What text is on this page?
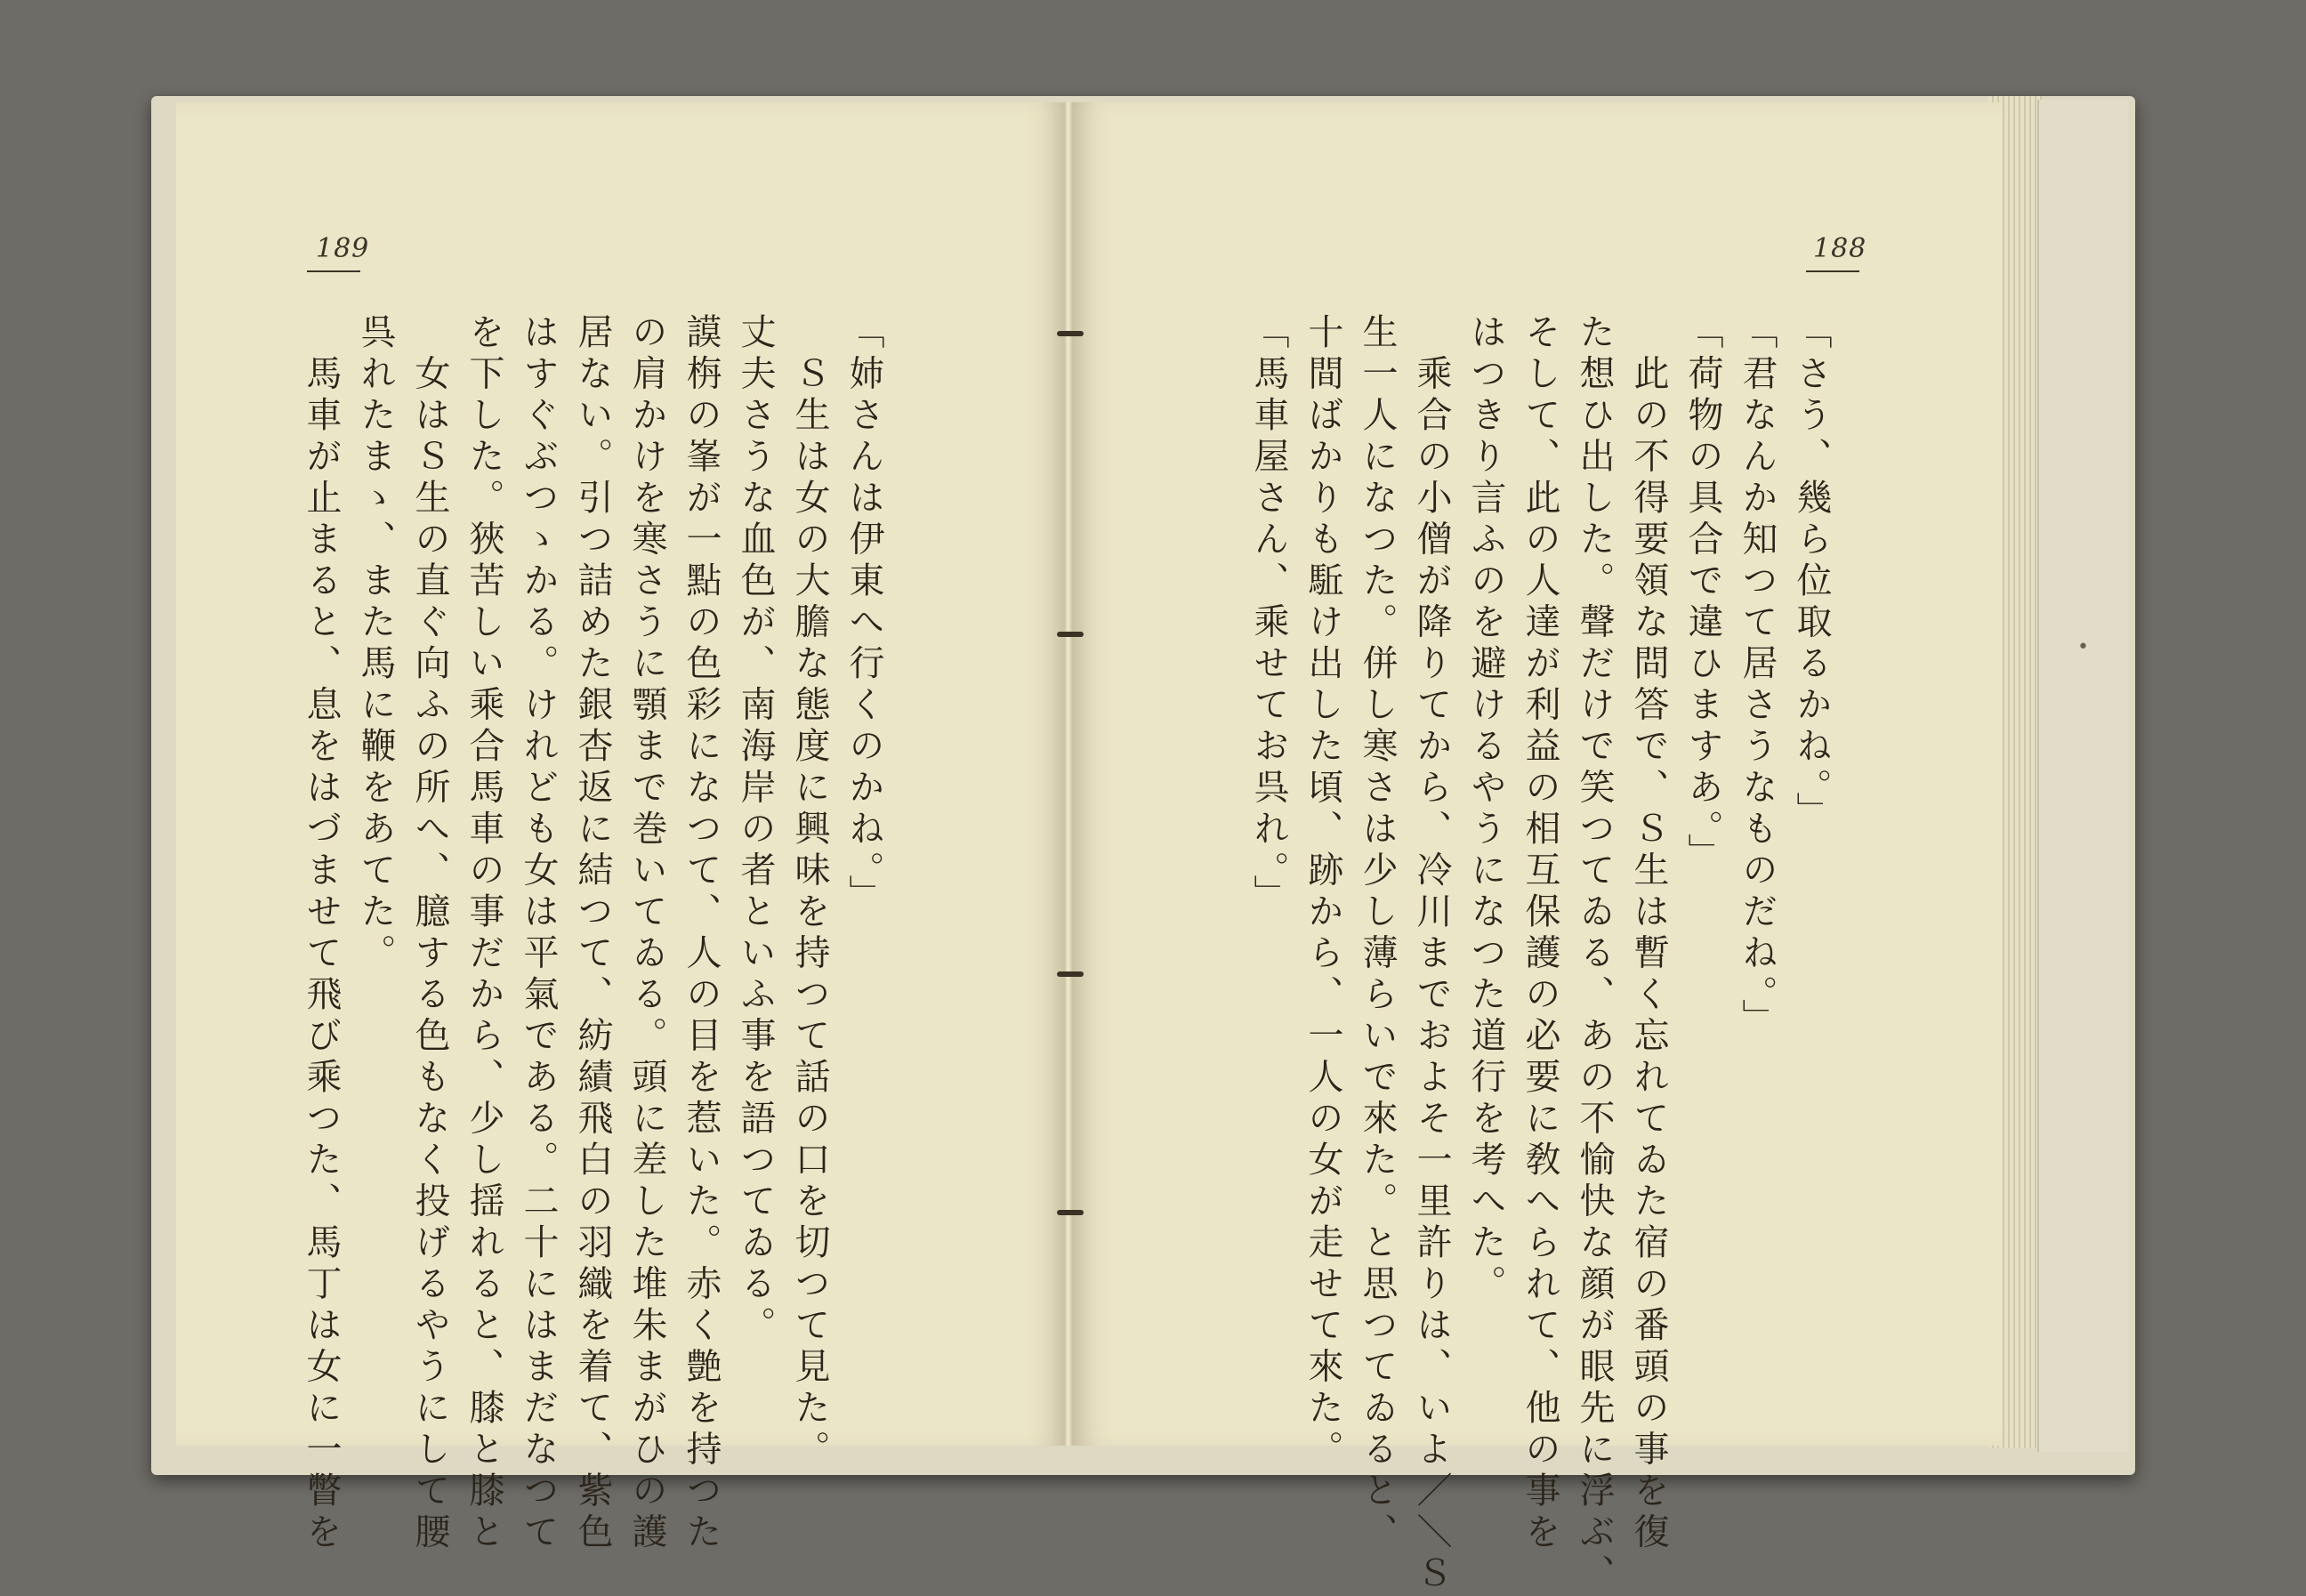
•
189	188

「姉さんは伊東へ行くのかね。」

　Ｓ生は女の大膽な態度に興味を持つて話の口を切つて見た。

丈夫さうな血色が、南海岸の者といふ事を語つてゐる。

謨栴の峯が一點の色彩になつて、人の目を惹いた。赤く艶を持つた

の肩かけを寒さうに顎まで巻いてゐる。頭に差した堆朱まがひの護

居ない。引つ詰めた銀杏返に結つて、紡績飛白の羽織を着て、紫色

はすぐぶつゝかる。けれども女は平氣である。二十にはまだなつて

を下した。狹苦しい乘合馬車の事だから、少し揺れると、膝と膝と

　女はＳ生の直ぐ向ふの所へ、臆する色もなく投げるやうにして腰

呉れたまゝ、また馬に鞭をあてた。

　馬車が止まると、息をはづませて飛び乘つた、馬丁は女に一瞥を	「さう、幾ら位取るかね。」

「君なんか知つて居さうなものだね。」

「荷物の具合で違ひますあ。」

　此の不得要領な問答で、Ｓ生は暫く忘れてゐた宿の番頭の事を復

た想ひ出した。聲だけで笑つてゐる、あの不愉快な顔が眼先に浮ぶ、

そして、此の人達が利益の相互保護の必要に敎へられて、他の事を

はつきり言ふのを避けるやうになつた道行を考へた。

　乘合の小僧が降りてから、冷川までおよそ一里許りは、いよ／＼Ｓ

生一人になつた。併し寒さは少し薄らいで來た。と思つてゐると、

十間ばかりも駈け出した頃、跡から、一人の女が走せて來た。

「馬車屋さん、乘せてお呉れ。」
